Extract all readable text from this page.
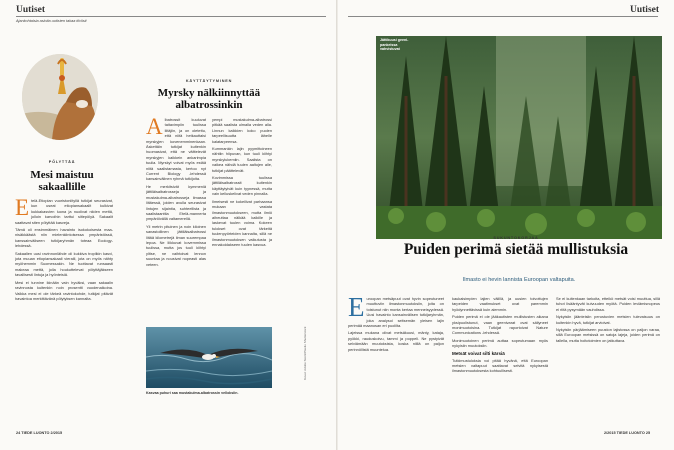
Uutiset
Ajankohtaisia asioita uutisten takaa tiiviisti
Uutiset
PÖLYTTÄÄ
Mesi maistuu sakaallille
E telä-Etiopian vuoristoniityllä tutkijat seurasivat, kun useat etiopiansakaalit kulkivat kukkakasvien luona ja nuolivat niiden mettä, jolloin karvoihin tarttui siitepölyä. Sakaalit saattavat siten pölyttää kasveja.

Tämä oli ensimmäinen havainto isokokoisesta maa-nisäkkäästä niin mielenkiintoisessa ympäristössä, kanssainväliseen tutkijaryhmän toteaa Ecology-lehdessä.

Sakaalien uusi ravinnonlähde oli kukkiva tropiikin kasvi, jota muuan etiopiansakaali vieraili, jota on myös nähty myöhemmin Suomessakin. Ne tuottavat runsaasti makeaa mettä, jolla houkuttelevat pölyttäjäkseen tavallisesti lintuja ja hyönteisiä.

Mesi ei tunnine ikinään vain hyväksi, vaan sakaalin ravinnosta kuitenkin noin prosentti vuodenaikoina. Vaikka mesi ei ole tärkeä ravintokohde, tutkijat pitävät havaintoa merkittävänä pölytyksen kannalta.

KÄYTTÄYTYMINEN
Myrsky nälkiinnyttää albatrossinkin
A lbatrossit kuuluvat taitavimpiin tuulissa liitäjiin, ja on oletettu, että niitä hetkauttaisi myrskyjen kovenemminenkaan. Äskettäin tutkijat kuitenkin huomasivat, että ne välttelevät myrskyjen kaikkein ankarimpia tuulia. Myrskyt voivat myös estää niitä saalistamasta, kertoo nyt Current Biology -lehdessä kansainvälinen ryhmä tutkijoita.

He merkitsivät kymmeniä jättiläisalbatrosseja ja mustakulma-albatrosseja ilmassa liitäessä, joiden avulla seurasivat lintujen sijaintia, suhteellista ja saalistaanttia Etelä-mannerta ympäröivällä valtamerellä.

Yli metrin pituinen ja noin kiloinen sanastollinen jättiläisalbatrossi liitää kilometrejä ilman suurempaa lepoa. Ne liikkuvat kovemmissa tuulissa, mutta jos tuuli kiihtyi ylitse, ne vaihtoivat lennon suuntaa ja nousivat nopeasti alas veteen.

yempi mustakulma-albatrossi pitkää saalista ulmalla veden alla. Linnun kaikkien koko puolen tarpeellisuutta lähelle kalatarpeensa.

Kummankin lajin pyymittoineen nähtiin hiipuvan, kun tuuli kiihtyi myrskylukemiin. Saalista on vaikea nähdä tuulen aaltojen alle, tutkijat päättelevät.

Kovimmissa tuulissa jättiläisalbatrossit kuitenkin käyttäytyivät kuin tyynessä, mutta vain kelluskelivat veden pinnalla.

Ilmeisesti ne kokeilivat parhaansa mukaan vastata ilmastonmuutokseen, mutta ilmiö aiheuttaa nälkää kaikille ja laskevat tuulen voima. Kokeen tulokset ovat tärkeitä tuulenpyörteiden kannalta, sillä ne ilmastonmuutoksen vaikutusta ja ennakoidakseen tuulen kasvua.

Kasvaa puhuri saa mustakulma-albatrossin velloksiin.
Kuvat: Adobe Stock/Pixelio Shutterstock
Jättikuusi geeni-
pankeissa
vahvistuvat
SUKUNTOKORJAA
Puiden perimä sietää mullistuksia
Ilmasto ei hevin lannista Euroopan valtapuita.
E uroopan metsäpuut ovat hyvin sopeutuneet muuttuviin ilmastonmuutoksiin, joita on toistunut niin monta kertaa menneisyydessä. Uusi havainto kansainvälisen tutkijaryhmän, joka analysoi seitsemän yleisen lajin perimää maanosan eri puolilta.

Lajeissa mukana olivat metsäkuusi, mänty, kataja, pyökki, rauduskoivu, tammi ja poppeli. Ne pystyivät selviämään muutoksista, koska niillä on paljon perinnöllistä muuntelua.

kaukaisimpien lajien välillä, ja uusien toivottujen tarpeiden vaatimukset ovat paremmin hyödynnettävissä kuin aiemmin.

Puiden perimä ei ole jääkautisten mullistusten aikana yksipuolistunut, vaan geenivarat ovat säilyneet monimuotoisina. Tutkijat raportoivat Nature Communications -lehdessä.

Monimuotoinen perimä auttaa sopeutumaan myös nykyisiin muutoksiin.

Metsät voivat silti kärsiä

Tutkimustuloksia voi pitää hyvänä, että Euroopan metsien valtapuut saattavat selvitä nykyisestä ilmastonmuutoksesta kohtuullisesti.

Se ei kuitenkaan tarkoita, etteikö metsät voisi muuttua, sillä tuhot lisääntyvät kuivuuden myötä. Puiden leviämisnopeus ei riitä pysymään vauhdissa.

Nykyisiin jäänteisiin perustuvien metsien tulevaisuus on kuitenkin hyvä, tutkijat arvioivat.

Nykyisiin pärjäämiseen puuston lajistossa on paljon varaa, sillä Euroopan metsissä on satoja lajeja, joiden perimä on tallella, mutta hoitotoimien on jatkuttava.

24 TIEDE LUONTO 2/2015	2/2015 TIEDE LUONTO 25
